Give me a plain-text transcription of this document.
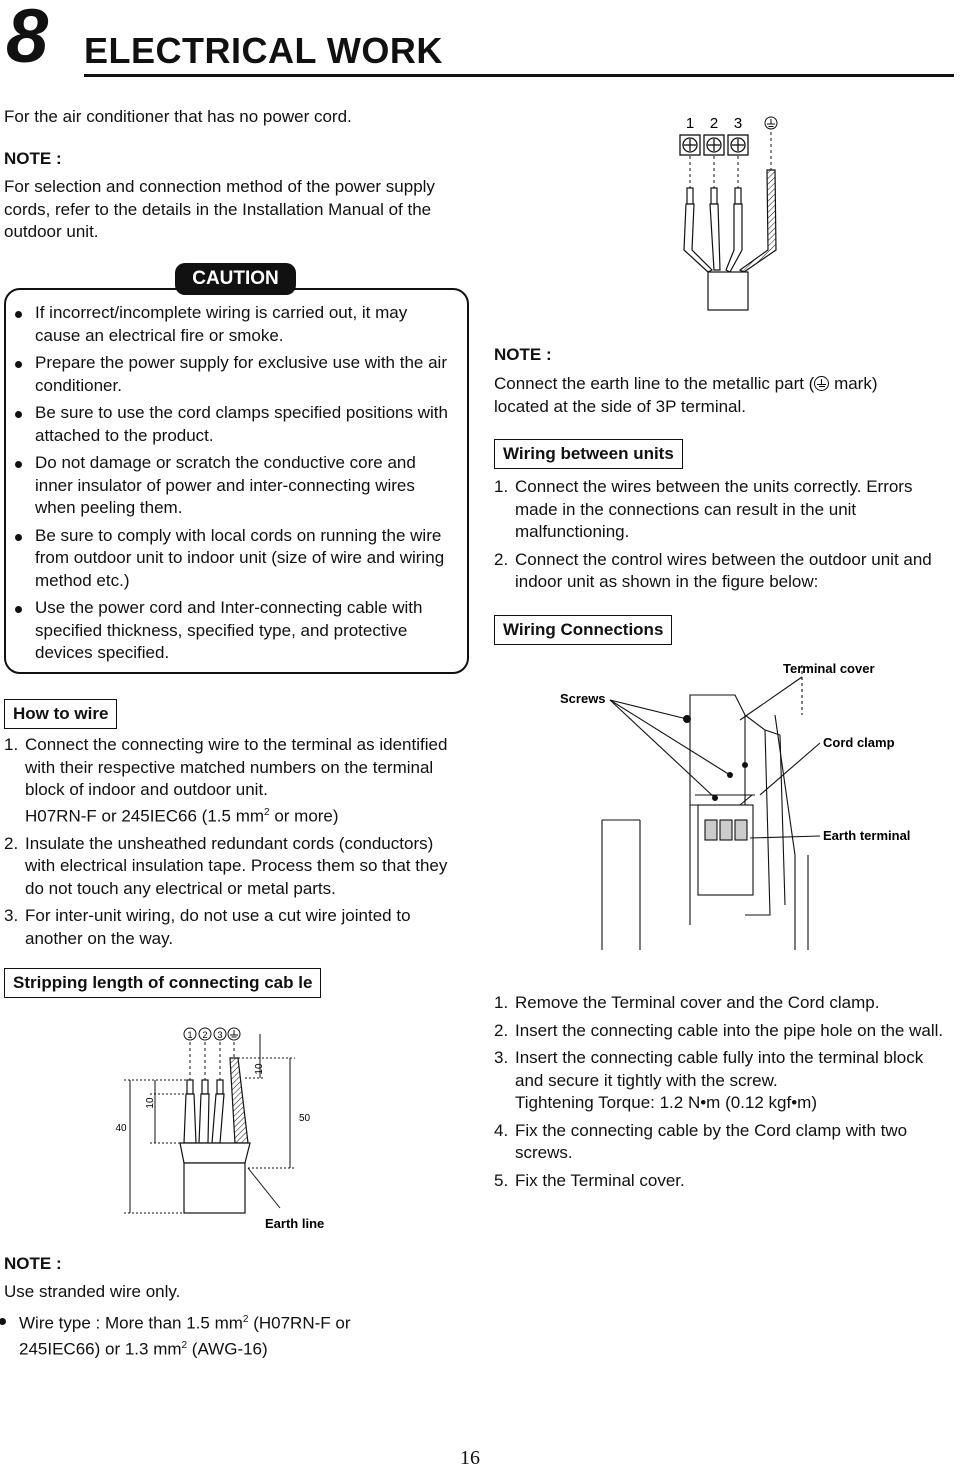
8 ELECTRICAL WORK
For the air conditioner that has no power cord.
NOTE :
For selection and connection method of the power supply cords, refer to the details in the Installation Manual of the outdoor unit.
CAUTION
If incorrect/incomplete wiring is carried out, it may cause an electrical fire or smoke.
Prepare the power supply for exclusive use with the air conditioner.
Be sure to use the cord clamps specified positions with attached to the product.
Do not damage or scratch the conductive core and inner insulator of power and inter-connecting wires when peeling them.
Be sure to comply with local cords on running the wire from outdoor unit to indoor unit (size of wire and wiring method etc.)
Use the power cord and Inter-connecting cable with specified thickness, specified type, and protective devices specified.
How to wire
1. Connect the connecting wire to the terminal as identified with their respective matched numbers on the terminal block of indoor and outdoor unit.
H07RN-F or 245IEC66 (1.5 $mm^2$ or more)
2. Insulate the unsheathed redundant cords (conductors) with electrical insulation tape. Process them so that they do not touch any electrical or metal parts.
3. For inter-unit wiring, do not use a cut wire jointed to another on the way.
Stripping length of connecting cab le
1 2 3
40
10
10
50
Earth line
NOTE :
Use stranded wire only.
Wire type : More than 1.5 $mm^2$ (H07RN-F or 245IEC66) or 1.3 $mm^2$ (AWG-16)
1 2 3
NOTE :
Connect the earth line to the metallic part (
mark) located at the side of 3P terminal.
Wiring between units
1. Connect the wires between the units correctly. Errors made in the connections can result in the unit malfunctioning.
2. Connect the control wires between the outdoor unit and indoor unit as shown in the figure below:
Wiring Connections
Terminal cover
Screws
Cord clamp
Earth terminal
1. Remove the Terminal cover and the Cord clamp.
2. Insert the connecting cable into the pipe hole on the wall.
3. Insert the connecting cable fully into the terminal block and secure it tightly with the screw.
Tightening Torque: 1.2 N•m (0.12 kgf•m)
4. Fix the connecting cable by the Cord clamp with two screws.
5. Fix the Terminal cover.
16
